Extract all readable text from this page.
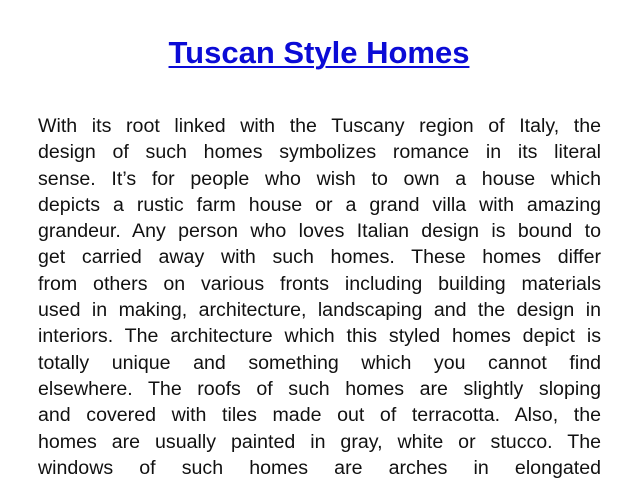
Tuscan Style Homes
With its root linked with the Tuscany region of Italy, the
design of such homes symbolizes romance in its literal
sense. It’s for people who wish to own a house which
depicts a rustic farm house or a grand villa with amazing
grandeur. Any person who loves Italian design is bound to
get carried away with such homes. These homes differ
from others on various fronts including building materials
used in making, architecture, landscaping and the design in
interiors. The architecture which this styled homes depict is
totally unique and something which you cannot find
elsewhere. The roofs of such homes are slightly sloping
and covered with tiles made out of terracotta. Also, the
homes are usually painted in gray, white or stucco. The
windows of such homes are arches in elongated
